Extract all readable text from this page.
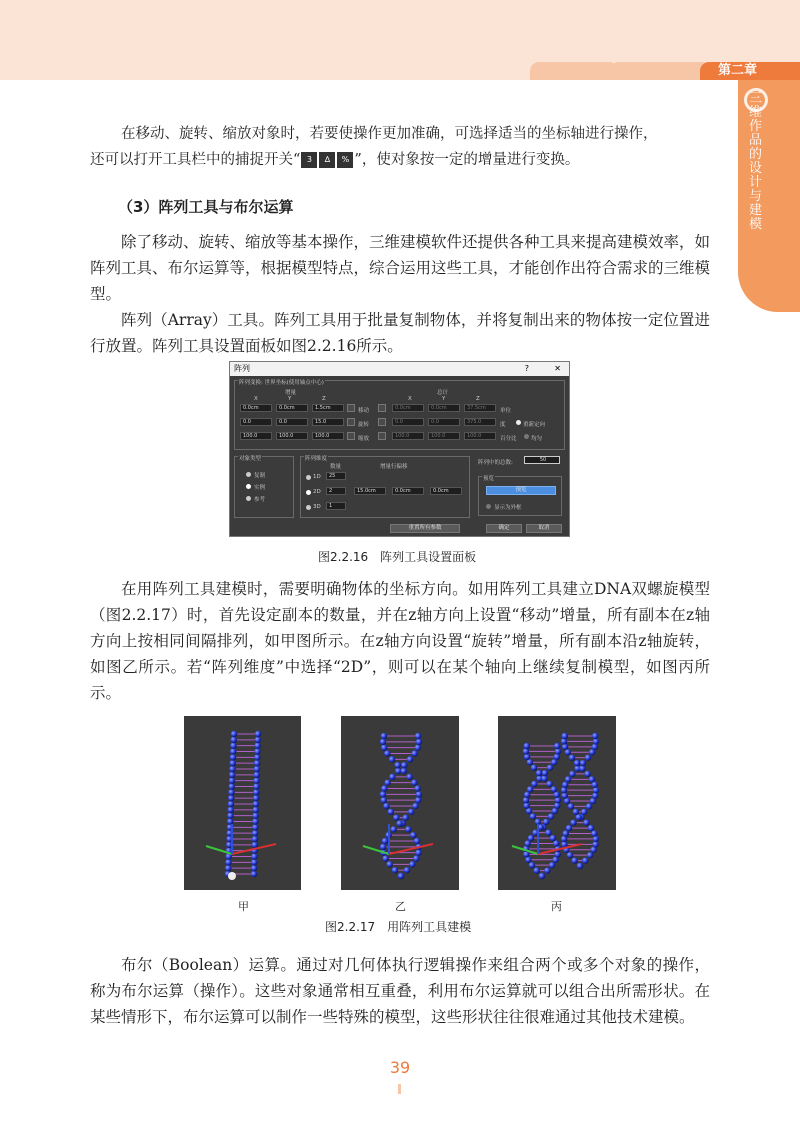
第二章
三维作品的设计与建模
在移动、旋转、缩放对象时，若要使操作更加准确，可选择适当的坐标轴进行操作，
还可以打开工具栏中的捕捉开关“ 3 ∆ % ”，使对象按一定的增量进行变换。
（3）阵列工具与布尔运算
除了移动、旋转、缩放等基本操作，三维建模软件还提供各种工具来提高建模效率，如阵列工具、布尔运算等，根据模型特点，综合运用这些工具，才能创作出符合需求的三维模型。
阵列（Array）工具。阵列工具用于批量复制物体，并将复制出来的物体按一定位置进行放置。阵列工具设置面板如图2.2.16所示。
阵列	?	✕
阵列变换: 世界坐标(使用轴点中心)
增量	总计
X	Y	Z	X	Y	Z
0.0cm	0.0cm	1.5cm	移动	0.0cm	0.0cm	37.5cm	单位
0.0	0.0	15.0	旋转	0.0	0.0	375.0	度	重新定向
100.0	100.0	100.0	缩放	100.0	100.0	100.0	百分比	均匀
对象类型
复制
实例
参考
阵列维度
数量	增量行偏移
1D	25
2D	2	15.0cm	0.0cm	0.0cm
3D	1
阵列中的总数:	50
预览
预览
显示为外框
重置所有参数	确定	取消
图2.2.16　阵列工具设置面板
在用阵列工具建模时，需要明确物体的坐标方向。如用阵列工具建立DNA双螺旋模型（图2.2.17）时，首先设定副本的数量，并在z轴方向上设置“移动”增量，所有副本在z轴方向上按相同间隔排列，如甲图所示。在z轴方向设置“旋转”增量，所有副本沿z轴旋转，如图乙所示。若“阵列维度”中选择“2D”，则可以在某个轴向上继续复制模型，如图丙所示。
甲	乙	丙
图2.2.17　用阵列工具建模
布尔（Boolean）运算。通过对几何体执行逻辑操作来组合两个或多个对象的操作，称为布尔运算（操作）。这些对象通常相互重叠，利用布尔运算就可以组合出所需形状。在某些情形下，布尔运算可以制作一些特殊的模型，这些形状往往很难通过其他技术建模。
39
